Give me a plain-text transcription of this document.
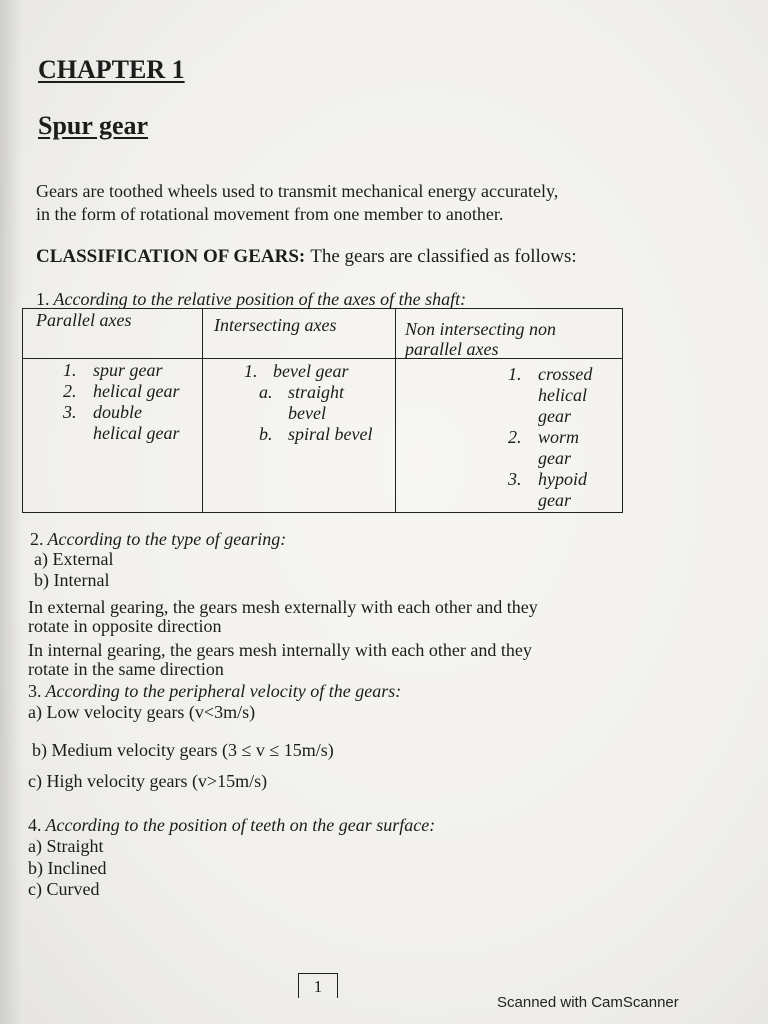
CHAPTER 1
Spur gear
Gears are toothed wheels used to transmit mechanical energy accurately,
in the form of rotational movement from one member to another.
CLASSIFICATION OF GEARS: The gears are classified as follows:
1. According to the relative position of the axes of the shaft:
Parallel axes	Intersecting axes	Non intersecting non parallel axes
1. spur gear
2. helical gear
3. double helical gear
1. bevel gear
a. straight bevel
b. spiral bevel
1. crossed helical gear
2. worm gear
3. hypoid gear
2. According to the type of gearing:
a) External
b) Internal
In external gearing, the gears mesh externally with each other and they
rotate in opposite direction
In internal gearing, the gears mesh internally with each other and they
rotate in the same direction
3. According to the peripheral velocity of the gears:
a) Low velocity gears (v<3m/s)
b) Medium velocity gears (3 ≤ v ≤ 15m/s)
c) High velocity gears (v>15m/s)
4. According to the position of teeth on the gear surface:
a) Straight
b) Inclined
c) Curved
1
Scanned with CamScanner
